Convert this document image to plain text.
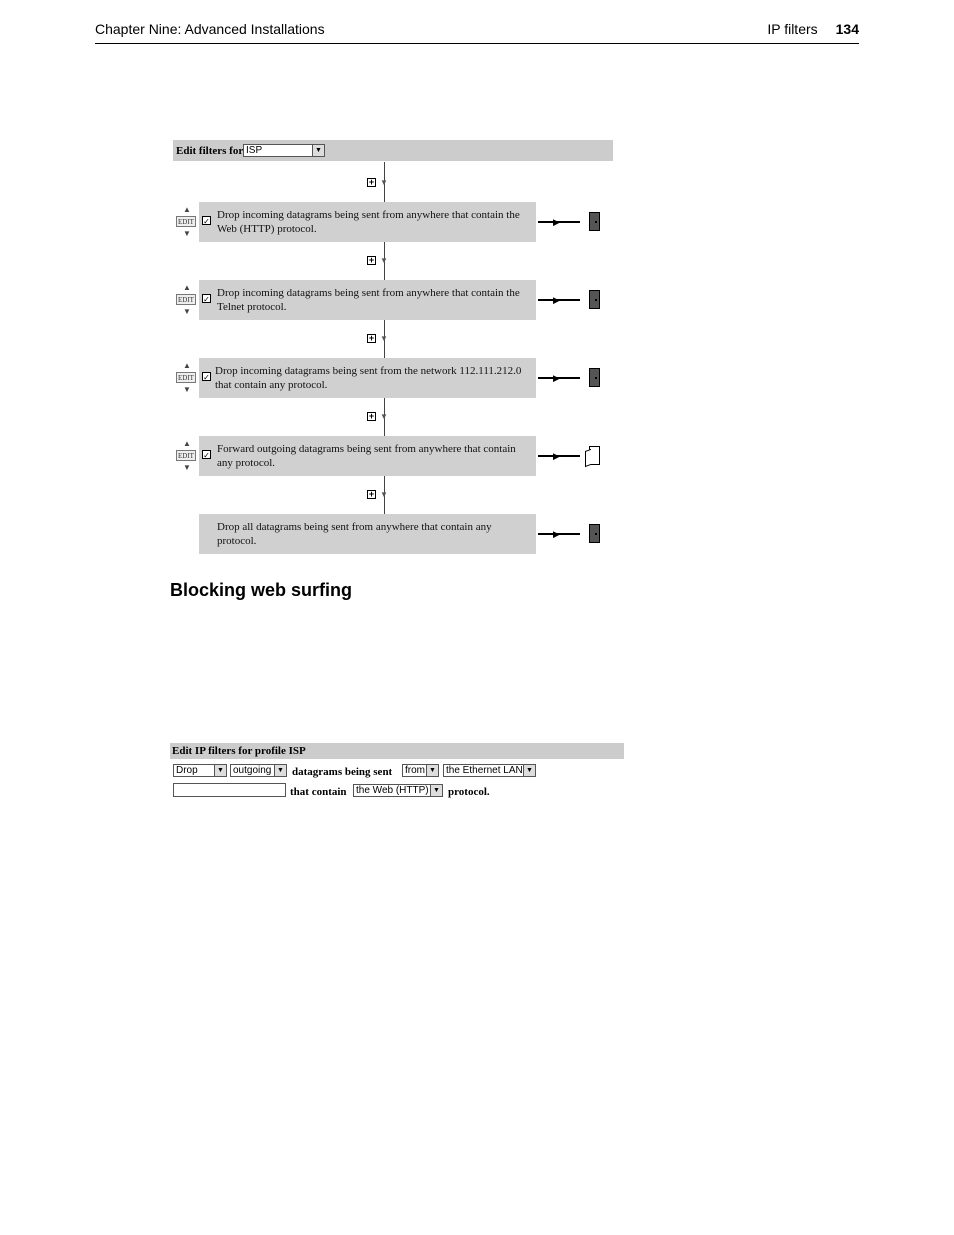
Chapter Nine: Advanced Installations	IP filters 134
Edit filters for ISP	▼
+ ▼
+ ▼
+ ▼
+ ▼
+ ▼
▲
EDIT
▼
Drop incoming datagrams being sent from anywhere that contain the Web (HTTP) protocol.
✓	▶
▲
EDIT
▼
Drop incoming datagrams being sent from anywhere that contain the Telnet protocol.
✓	▶
▲
EDIT
▼
Drop incoming datagrams being sent from the network 112.111.212.0 that contain any protocol.
✓	▶
▲
EDIT
▼
Forward outgoing datagrams being sent from anywhere that contain any protocol.
✓	▶
Drop all datagrams being sent from anywhere that contain any protocol.
▶
Blocking web surfing
Edit IP filters for profile ISP
Drop	▼ outgoing ▼ datagrams being sent from ▼ the Ethernet LAN ▼
that contain the Web (HTTP) ▼ protocol.
